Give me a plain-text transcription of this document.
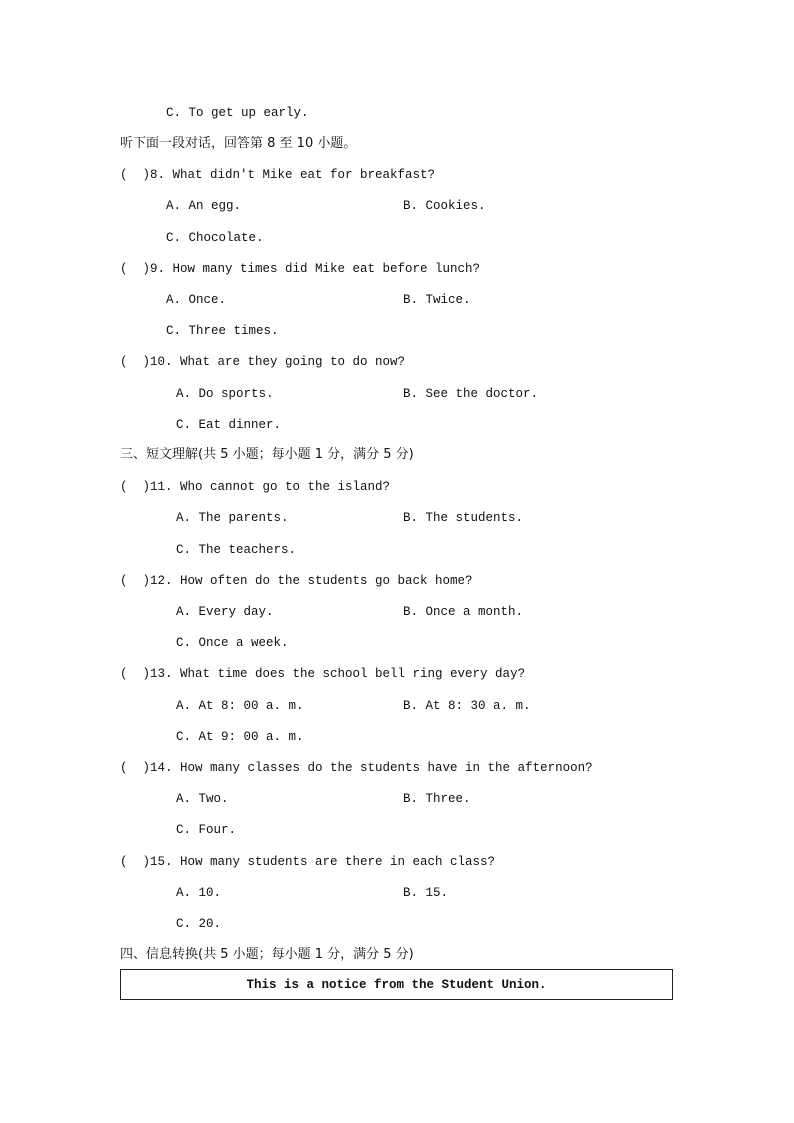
C. To get up early.
听下面一段对话，回答第 8 至 10 小题。
(  )8. What didn't Mike eat for breakfast?
A. An egg.	B. Cookies.
C. Chocolate.
(  )9. How many times did Mike eat before lunch?
A. Once.	B. Twice.
C. Three times.
(  )10. What are they going to do now?
A. Do sports.	B. See the doctor.
C. Eat dinner.
三、短文理解(共 5 小题；每小题 1 分，满分 5 分)
(  )11. Who cannot go to the island?
A. The parents.	B. The students.
C. The teachers.
(  )12. How often do the students go back home?
A. Every day.	B. Once a month.
C. Once a week.
(  )13. What time does the school bell ring every day?
A. At 8: 00 a. m.	B. At 8: 30 a. m.
C. At 9: 00 a. m.
(  )14. How many classes do the students have in the afternoon?
A. Two.	B. Three.
C. Four.
(  )15. How many students are there in each class?
A. 10.	B. 15.
C. 20.
四、信息转换(共 5 小题；每小题 1 分，满分 5 分)
This is a notice from the Student Union.
